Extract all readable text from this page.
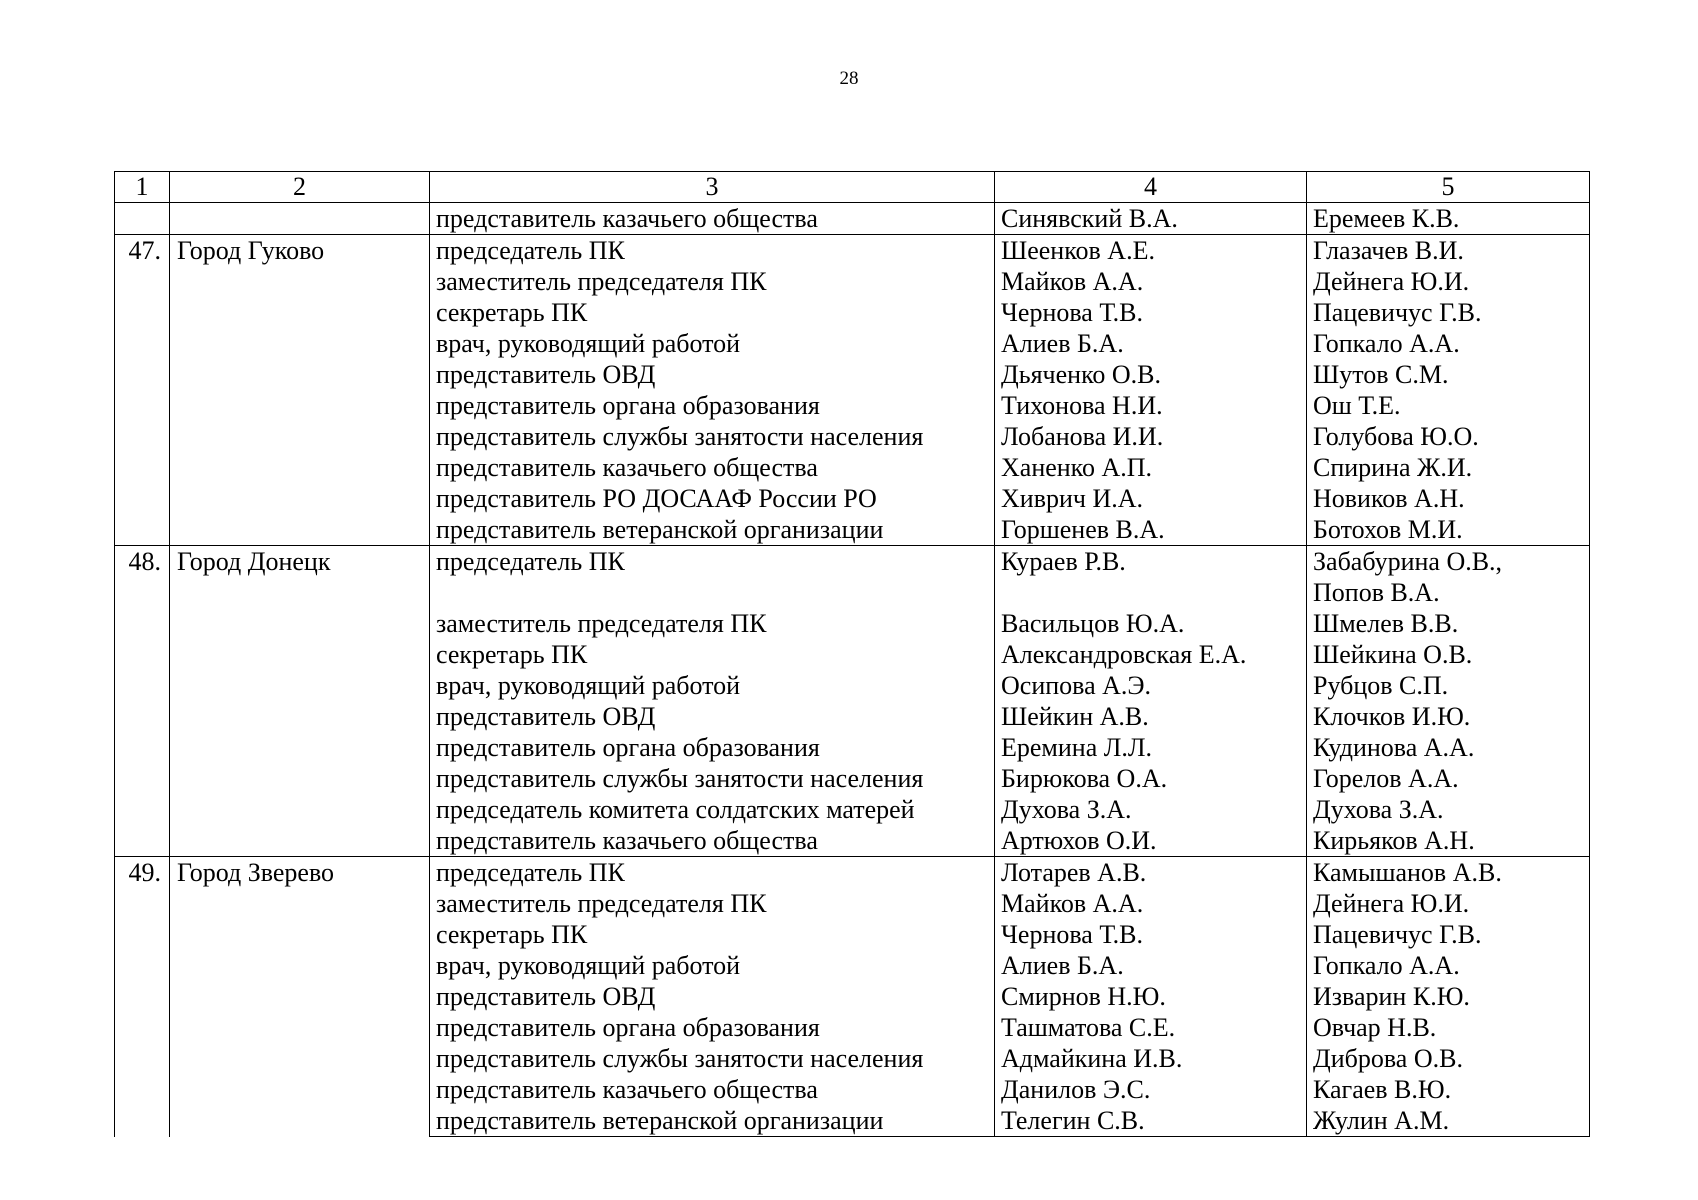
28
1	2	3	4	5
		представитель казачьего общества	Синявский В.А.	Еремеев К.В.
47.	Город Гуково	председатель ПК	Шеенков А.Е.	Глазачев В.И.
		заместитель председателя ПК	Майков А.А.	Дейнега Ю.И.
		секретарь ПК	Чернова Т.В.	Пацевичус Г.В.
		врач, руководящий работой	Алиев Б.А.	Гопкало А.А.
		представитель ОВД	Дьяченко О.В.	Шутов С.М.
		представитель органа образования	Тихонова Н.И.	Ош Т.Е.
		представитель службы занятости населения	Лобанова И.И.	Голубова Ю.О.
		представитель казачьего общества	Ханенко А.П.	Спирина Ж.И.
		представитель РО ДОСААФ России РО	Хиврич И.А.	Новиков А.Н.
		представитель ветеранской организации	Горшенев В.А.	Ботохов М.И.
48.	Город Донецк	председатель ПК	Кураев Р.В.	Забабурина О.В.,
				Попов В.А.
		заместитель председателя ПК	Васильцов Ю.А.	Шмелев В.В.
		секретарь ПК	Александровская Е.А.	Шейкина О.В.
		врач, руководящий работой	Осипова А.Э.	Рубцов С.П.
		представитель ОВД	Шейкин А.В.	Клочков И.Ю.
		представитель органа образования	Еремина Л.Л.	Кудинова А.А.
		представитель службы занятости населения	Бирюкова О.А.	Горелов А.А.
		председатель комитета солдатских матерей	Духова З.А.	Духова З.А.
		представитель казачьего общества	Артюхов О.И.	Кирьяков А.Н.
49.	Город Зверево	председатель ПК	Лотарев А.В.	Камышанов А.В.
		заместитель председателя ПК	Майков А.А.	Дейнега Ю.И.
		секретарь ПК	Чернова Т.В.	Пацевичус Г.В.
		врач, руководящий работой	Алиев Б.А.	Гопкало А.А.
		представитель ОВД	Смирнов Н.Ю.	Изварин К.Ю.
		представитель органа образования	Ташматова С.Е.	Овчар Н.В.
		представитель службы занятости населения	Адмайкина И.В.	Диброва О.В.
		представитель казачьего общества	Данилов Э.С.	Кагаев В.Ю.
		представитель ветеранской организации	Телегин С.В.	Жулин А.М.
